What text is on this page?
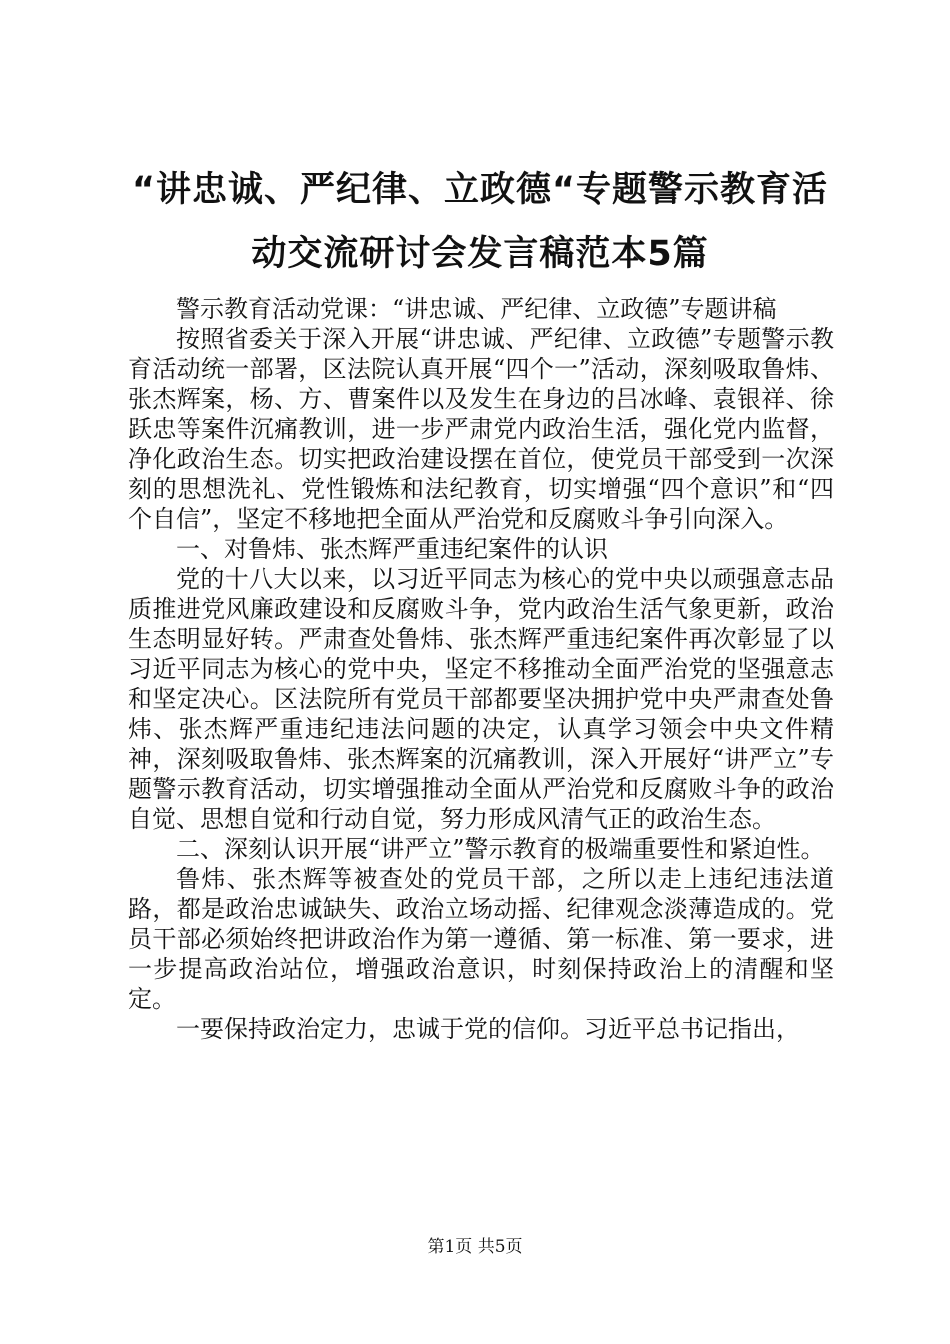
“讲忠诚、严纪律、立政德“专题警示教育活
动交流研讨会发言稿范本5篇

警示教育活动党课：“讲忠诚、严纪律、立政德”专题讲稿

按照省委关于深入开展“讲忠诚、严纪律、立政德”专题警示教育活动统一部署，区法院认真开展“四个一”活动，深刻吸取鲁炜、张杰辉案，杨、方、曹案件以及发生在身边的吕冰峰、袁银祥、徐跃忠等案件沉痛教训，进一步严肃党内政治生活，强化党内监督，净化政治生态。切实把政治建设摆在首位，使党员干部受到一次深刻的思想洗礼、党性锻炼和法纪教育，切实增强“四个意识”和“四个自信”，坚定不移地把全面从严治党和反腐败斗争引向深入。

一、对鲁炜、张杰辉严重违纪案件的认识

党的十八大以来，以习近平同志为核心的党中央以顽强意志品质推进党风廉政建设和反腐败斗争，党内政治生活气象更新，政治生态明显好转。严肃查处鲁炜、张杰辉严重违纪案件再次彰显了以习近平同志为核心的党中央，坚定不移推动全面严治党的坚强意志和坚定决心。区法院所有党员干部都要坚决拥护党中央严肃查处鲁炜、张杰辉严重违纪违法问题的决定，认真学习领会中央文件精神，深刻吸取鲁炜、张杰辉案的沉痛教训，深入开展好“讲严立”专题警示教育活动，切实增强推动全面从严治党和反腐败斗争的政治自觉、思想自觉和行动自觉，努力形成风清气正的政治生态。

二、深刻认识开展“讲严立”警示教育的极端重要性和紧迫性。

鲁炜、张杰辉等被查处的党员干部，之所以走上违纪违法道路，都是政治忠诚缺失、政治立场动摇、纪律观念淡薄造成的。党员干部必须始终把讲政治作为第一遵循、第一标准、第一要求，进一步提高政治站位，增强政治意识，时刻保持政治上的清醒和坚定。

一要保持政治定力，忠诚于党的信仰。习近平总书记指出，

第1页 共5页
